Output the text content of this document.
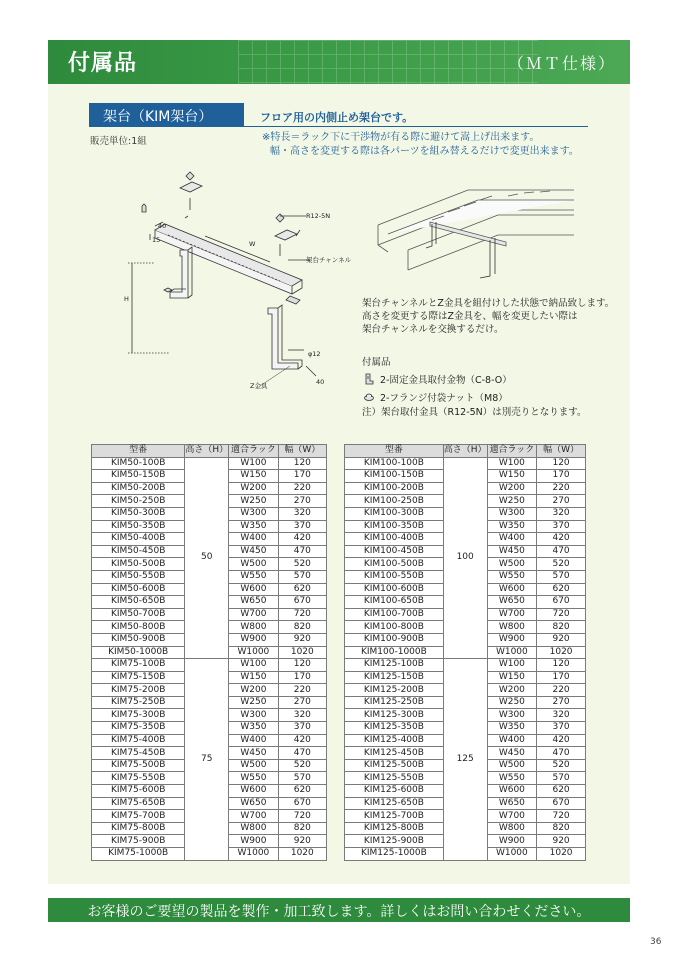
付属品	（ＭＴ仕様）
架台（KIM架台）	フロア用の内側止め架台です。
※特長＝ラック下に干渉物が有る際に避けて嵩上げ出来ます。
幅・高さを変更する際は各パーツを組み替えるだけで変更出来ます。
販売単位:1組
40
15	W
H
R12-5N
架台チャンネル
φ12
Z金具	40
架台チャンネルとZ金具を組付けした状態で納品致します。
高さを変更する際はZ金具を、幅を変更したい際は
架台チャンネルを交換するだけ。
付属品
2-固定金具取付金物（C-8-O）
2-フランジ付袋ナット（M8）
注）架台取付金具（R12-5N）は別売りとなります。
型番	高さ（H）	適合ラック	幅（W）
KIM50-100B	50	W100	120
KIM50-150B		W150	170
KIM50-200B		W200	220
KIM50-250B		W250	270
KIM50-300B		W300	320
KIM50-350B		W350	370
KIM50-400B		W400	420
KIM50-450B		W450	470
KIM50-500B		W500	520
KIM50-550B		W550	570
KIM50-600B		W600	620
KIM50-650B		W650	670
KIM50-700B		W700	720
KIM50-800B		W800	820
KIM50-900B		W900	920
KIM50-1000B		W1000	1020
KIM75-100B	75	W100	120
KIM75-150B		W150	170
KIM75-200B		W200	220
KIM75-250B		W250	270
KIM75-300B		W300	320
KIM75-350B		W350	370
KIM75-400B		W400	420
KIM75-450B		W450	470
KIM75-500B		W500	520
KIM75-550B		W550	570
KIM75-600B		W600	620
KIM75-650B		W650	670
KIM75-700B		W700	720
KIM75-800B		W800	820
KIM75-900B		W900	920
KIM75-1000B		W1000	1020
型番	高さ（H）	適合ラック	幅（W）
KIM100-100B	100	W100	120
KIM100-150B		W150	170
KIM100-200B		W200	220
KIM100-250B		W250	270
KIM100-300B		W300	320
KIM100-350B		W350	370
KIM100-400B		W400	420
KIM100-450B		W450	470
KIM100-500B		W500	520
KIM100-550B		W550	570
KIM100-600B		W600	620
KIM100-650B		W650	670
KIM100-700B		W700	720
KIM100-800B		W800	820
KIM100-900B		W900	920
KIM100-1000B		W1000	1020
KIM125-100B	125	W100	120
KIM125-150B		W150	170
KIM125-200B		W200	220
KIM125-250B		W250	270
KIM125-300B		W300	320
KIM125-350B		W350	370
KIM125-400B		W400	420
KIM125-450B		W450	470
KIM125-500B		W500	520
KIM125-550B		W550	570
KIM125-600B		W600	620
KIM125-650B		W650	670
KIM125-700B		W700	720
KIM125-800B		W800	820
KIM125-900B		W900	920
KIM125-1000B		W1000	1020
お客様のご要望の製品を製作・加工致します。詳しくはお問い合わせください。
36
